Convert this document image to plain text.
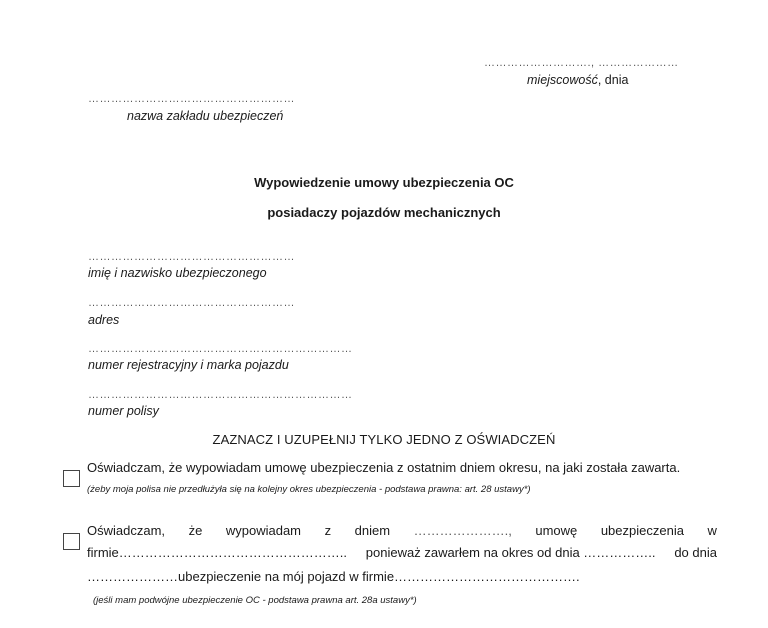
………………………., …………………
miejscowość, dnia
………………………………………………
nazwa zakładu ubezpieczeń
Wypowiedzenie umowy ubezpieczenia OC
posiadaczy pojazdów mechanicznych
………………………………………………
imię i nazwisko ubezpieczonego
………………………………………………
adres
……………………………………………………………
numer rejestracyjny i marka pojazdu
……………………………………………………………
numer polisy
ZAZNACZ I UZUPEŁNIJ TYLKO JEDNO Z OŚWIADCZEŃ
Oświadczam, że wypowiadam umowę ubezpieczenia z ostatnim dniem okresu, na jaki została zawarta.
(żeby moja polisa nie przedłużyła się na kolejny okres ubezpieczenia - podstawa prawna: art. 28 ustawy*)
Oświadczam, że wypowiadam z dniem …………………., umowę ubezpieczenia w
firmie…………………………………………….. ponieważ zawarłem na okres od dnia …………….. do dnia
…………………ubezpieczenie na mój pojazd w firmie…………………………………….
(jeśli mam podwójne ubezpieczenie OC - podstawa prawna art. 28a ustawy*)
